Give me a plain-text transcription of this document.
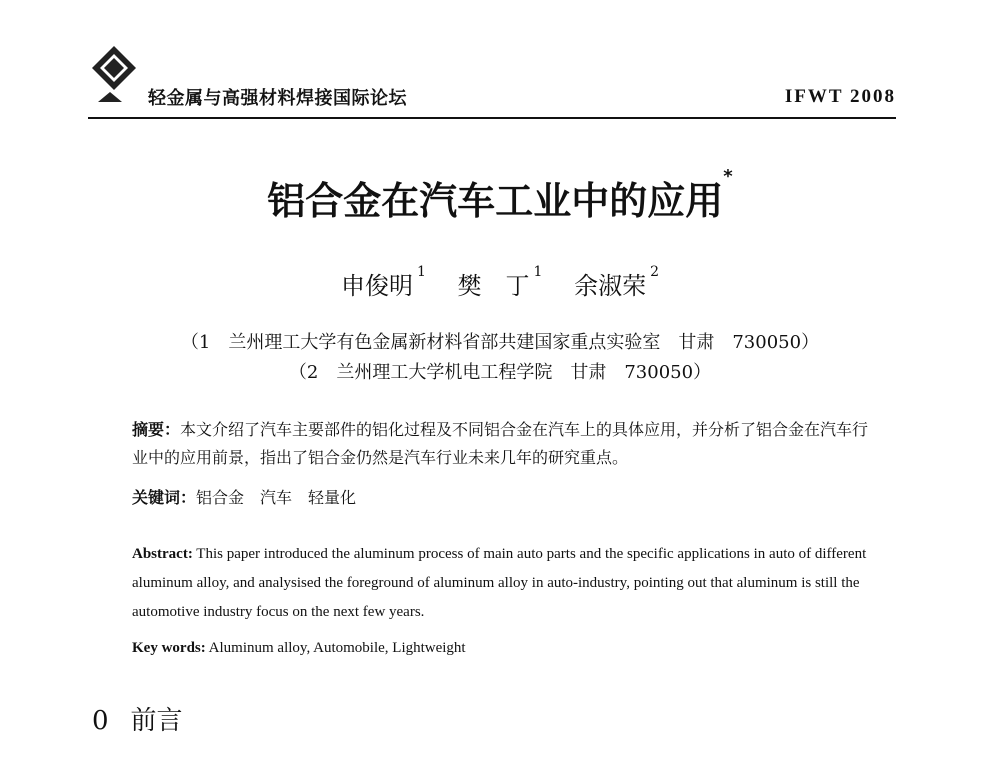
轻金属与高强材料焊接国际论坛	IFWT 2008
铝合金在汽车工业中的应用*
申俊明 $^1$ 樊　丁 $^1$ 余淑荣 $^2$
（1　兰州理工大学有色金属新材料省部共建国家重点实验室 甘肃 730050）
（2　兰州理工大学机电工程学院 甘肃 730050）
摘要：本文介绍了汽车主要部件的铝化过程及不同铝合金在汽车上的具体应用，并分析了铝合金在汽车行业中的应用前景，指出了铝合金仍然是汽车行业未来几年的研究重点。
关键词：铝合金　汽车　轻量化
Abstract: This paper introduced the aluminum process of main auto parts and the specific applications in auto of different aluminum alloy, and analysised the foreground of aluminum alloy in auto-industry, pointing out that aluminum is still the automotive industry focus on the next few years.
Key words: Aluminum alloy, Automobile, Lightweight
0 前言
